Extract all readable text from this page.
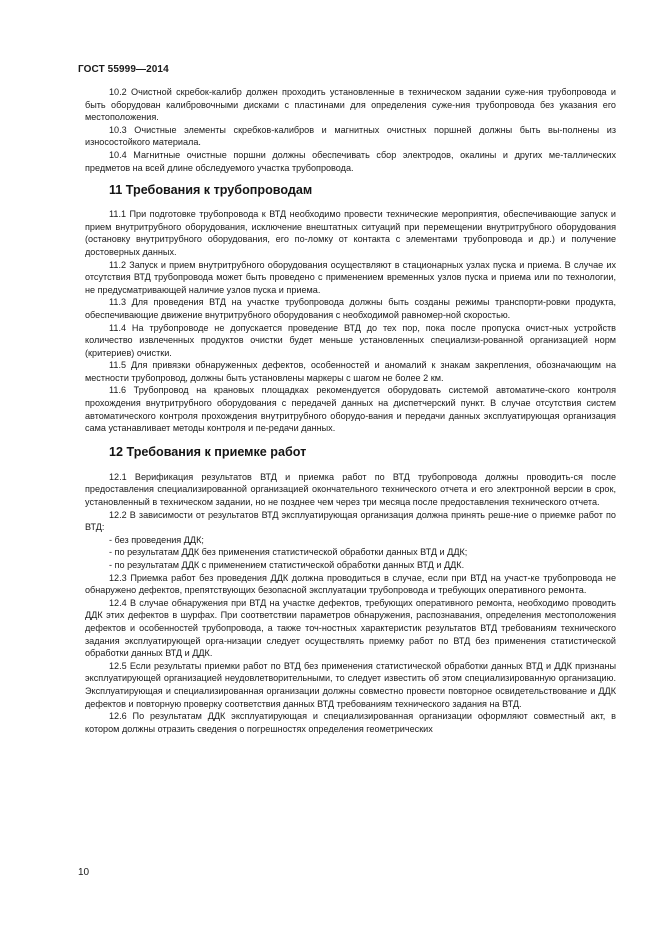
ГОСТ 55999—2014

10.2 Очистной скребок-калибр должен проходить установленные в техническом задании суже-ния трубопровода и быть оборудован калибровочными дисками с пластинами для определения суже-ния трубопровода без указания его местоположения.

10.3 Очистные элементы скребков-калибров и магнитных очистных поршней должны быть вы-полнены из износостойкого материала.

10.4 Магнитные очистные поршни должны обеспечивать сбор электродов, окалины и других ме-таллических предметов на всей длине обследуемого участка трубопровода.

11 Требования к трубопроводам

11.1 При подготовке трубопровода к ВТД необходимо провести технические мероприятия, обеспечивающие запуск и прием внутритрубного оборудования, исключение внештатных ситуаций при перемещении внутритрубного оборудования (остановку внутритрубного оборудования, его по-ломку от контакта с элементами трубопровода и др.) и получение достоверных данных.

11.2 Запуск и прием внутритрубного оборудования осуществляют в стационарных узлах пуска и приема. В случае их отсутствия ВТД трубопровода может быть проведено с применением временных узлов пуска и приема или по технологии, не предусматривающей наличие узлов пуска и приема.

11.3 Для проведения ВТД на участке трубопровода должны быть созданы режимы транспорти-ровки продукта, обеспечивающие движение внутритрубного оборудования с необходимой равномер-ной скоростью.

11.4 На трубопроводе не допускается проведение ВТД до тех пор, пока после пропуска очист-ных устройств количество извлеченных продуктов очистки будет меньше установленных специализи-рованной организацией норм (критериев) очистки.

11.5 Для привязки обнаруженных дефектов, особенностей и аномалий к знакам закрепления, обозначающим на местности трубопровод, должны быть установлены маркеры с шагом не более 2 км.

11.6 Трубопровод на крановых площадках рекомендуется оборудовать системой автоматиче-ского контроля прохождения внутритрубного оборудования с передачей данных на диспетчерский пункт. В случае отсутствия систем автоматического контроля прохождения внутритрубного оборудо-вания и передачи данных эксплуатирующая организация сама устанавливает методы контроля и пе-редачи данных.

12 Требования к приемке работ

12.1 Верификация результатов ВТД и приемка работ по ВТД трубопровода должны проводить-ся после предоставления специализированной организацией окончательного технического отчета и его электронной версии в срок, установленный в техническом задании, но не позднее чем через три месяца после предоставления технического отчета.

12.2 В зависимости от результатов ВТД эксплуатирующая организация должна принять реше-ние о приемке работ по ВТД:

- без проведения ДДК;

- по результатам ДДК без применения статистической обработки данных ВТД и ДДК;

- по результатам ДДК с применением статистической обработки данных ВТД и ДДК.

12.3 Приемка работ без проведения ДДК должна проводиться в случае, если при ВТД на участ-ке трубопровода не обнаружено дефектов, препятствующих безопасной эксплуатации трубопровода и требующих оперативного ремонта.

12.4 В случае обнаружения при ВТД на участке дефектов, требующих оперативного ремонта, необходимо проводить ДДК этих дефектов в шурфах. При соответствии параметров обнаружения, распознавания, определения местоположения дефектов и особенностей трубопровода, а также точ-ностных характеристик результатов ВТД требованиям технического задания эксплуатирующей орга-низации следует осуществлять приемку работ по ВТД без применения статистической обработки данных ВТД и ДДК.

12.5 Если результаты приемки работ по ВТД без применения статистической обработки данных ВТД и ДДК признаны эксплуатирующей организацией неудовлетворительными, то следует известить об этом специализированную организацию. Эксплуатирующая и специализированная организации должны совместно провести повторное освидетельствование и ДДК дефектов и повторную проверку соответствия данных ВТД требованиям технического задания на ВТД.

12.6 По результатам ДДК эксплуатирующая и специализированная организации оформляют совместный акт, в котором должны отразить сведения о погрешностях определения геометрических

10
